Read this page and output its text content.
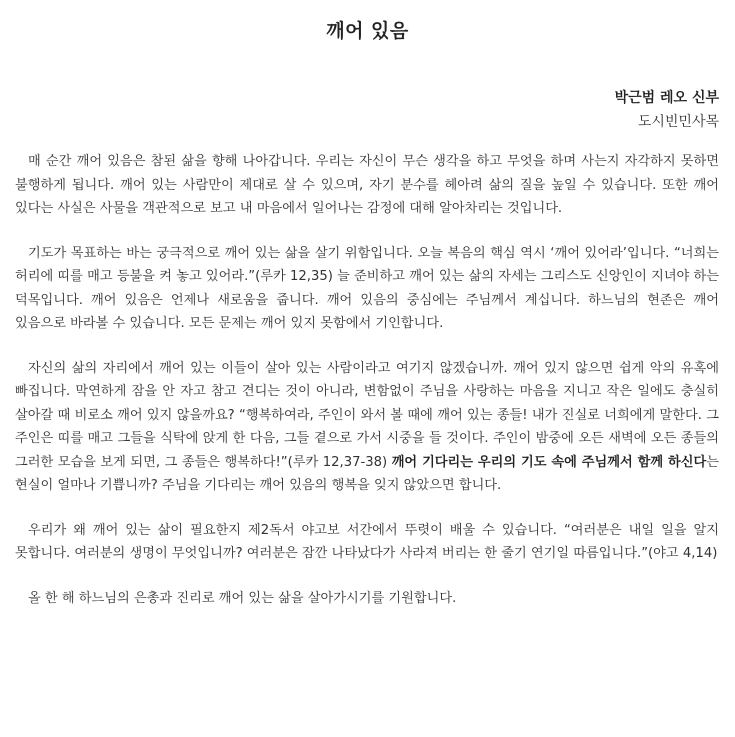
깨어 있음
박근범 레오 신부
도시빈민사목

매 순간 깨어 있음은 참된 삶을 향해 나아갑니다. 우리는 자신이 무슨 생각을 하고 무엇을 하며 사는지 자각하지 못하면 불행하게 됩니다. 깨어 있는 사람만이 제대로 살 수 있으며, 자기 분수를 헤아려 삶의 질을 높일 수 있습니다. 또한 깨어 있다는 사실은 사물을 객관적으로 보고 내 마음에서 일어나는 감정에 대해 알아차리는 것입니다.

기도가 목표하는 바는 궁극적으로 깨어 있는 삶을 살기 위함입니다. 오늘 복음의 핵심 역시 ‘깨어 있어라’입니다. “너희는 허리에 띠를 매고 등불을 켜 놓고 있어라.”(루카 12,35) 늘 준비하고 깨어 있는 삶의 자세는 그리스도 신앙인이 지녀야 하는 덕목입니다. 깨어 있음은 언제나 새로움을 줍니다. 깨어 있음의 중심에는 주님께서 계십니다. 하느님의 현존은 깨어 있음으로 바라볼 수 있습니다. 모든 문제는 깨어 있지 못함에서 기인합니다.

자신의 삶의 자리에서 깨어 있는 이들이 살아 있는 사람이라고 여기지 않겠습니까. 깨어 있지 않으면 쉽게 악의 유혹에 빠집니다. 막연하게 잠을 안 자고 참고 견디는 것이 아니라, 변함없이 주님을 사랑하는 마음을 지니고 작은 일에도 충실히 살아갈 때 비로소 깨어 있지 않을까요? “행복하여라, 주인이 와서 볼 때에 깨어 있는 종들! 내가 진실로 너희에게 말한다. 그 주인은 띠를 매고 그들을 식탁에 앉게 한 다음, 그들 곁으로 가서 시중을 들 것이다. 주인이 밤중에 오든 새벽에 오든 종들의 그러한 모습을 보게 되면, 그 종들은 행복하다!”(루카 12,37-38) 깨어 기다리는 우리의 기도 속에 주님께서 함께 하신다는 현실이 얼마나 기쁩니까? 주님을 기다리는 깨어 있음의 행복을 잊지 않았으면 합니다.

우리가 왜 깨어 있는 삶이 필요한지 제2독서 야고보 서간에서 뚜렷이 배울 수 있습니다. “여러분은 내일 일을 알지 못합니다. 여러분의 생명이 무엇입니까? 여러분은 잠깐 나타났다가 사라져 버리는 한 줄기 연기일 따름입니다.”(야고 4,14)

올 한 해 하느님의 은총과 진리로 깨어 있는 삶을 살아가시기를 기원합니다.
